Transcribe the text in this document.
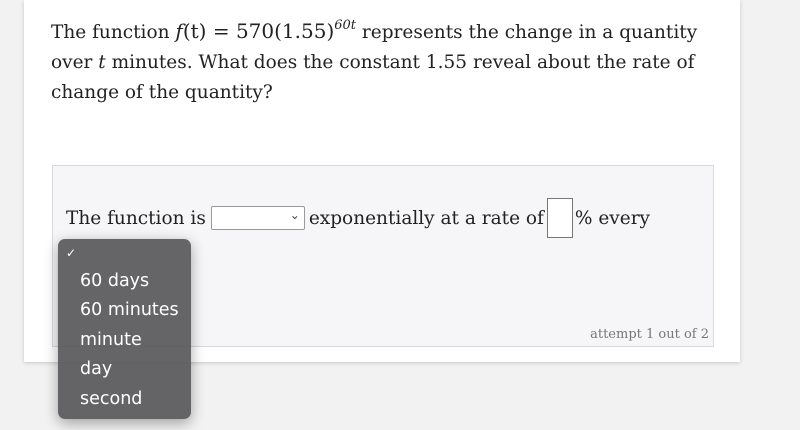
The function $f(t) = 570(1.55)^{60t}$ represents the change in a quantity over t minutes. What does the constant 1.55 reveal about the rate of change of the quantity?
The function is	⌄ exponentially at a rate of % every
attempt 1 out of 2
✓
60 days
60 minutes
minute
day
second
